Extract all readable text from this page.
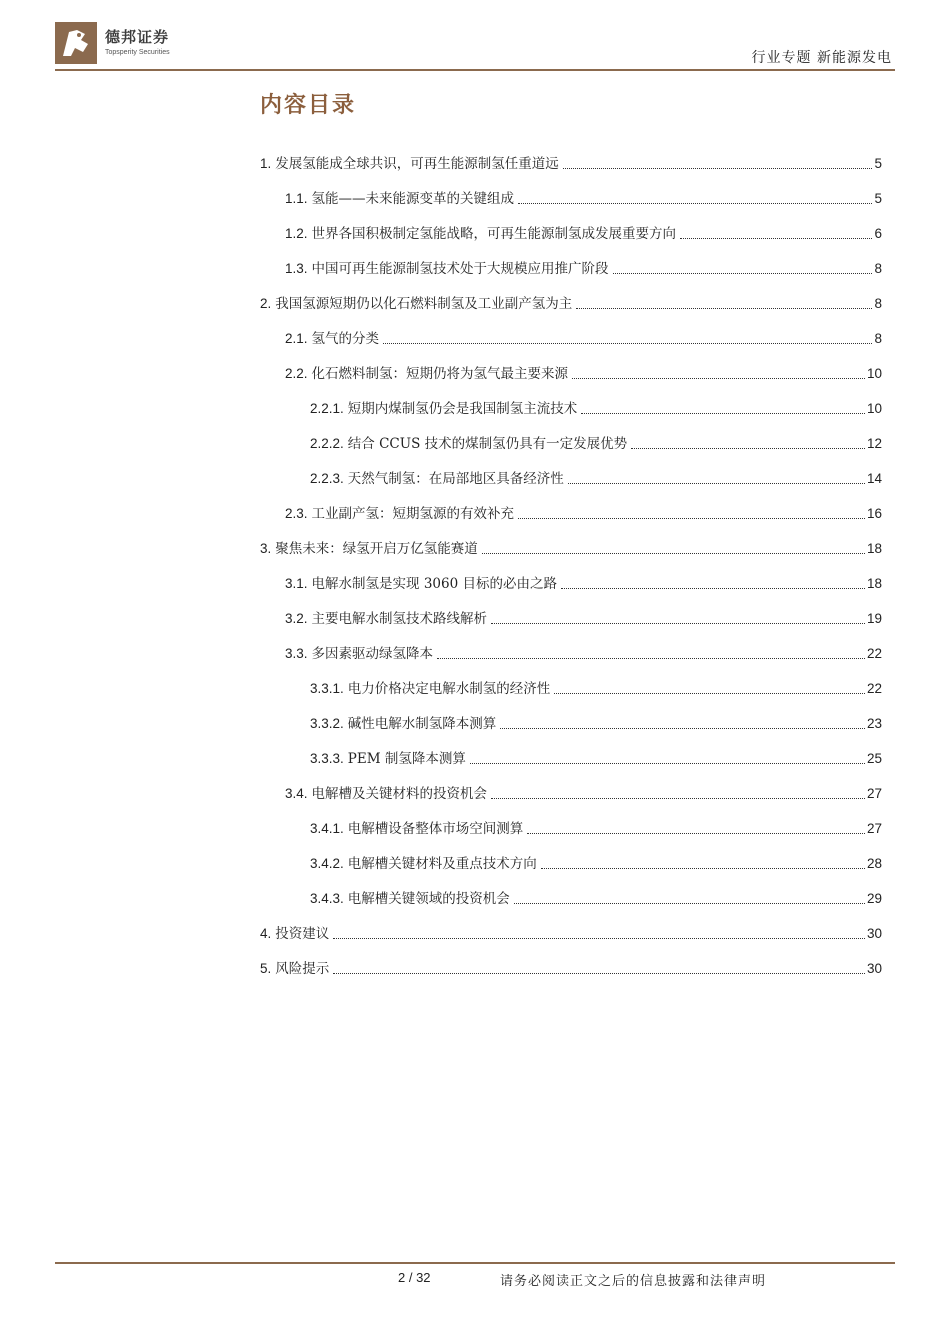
德邦证券
Topsperity Securities	行业专题 新能源发电
内容目录
1. 发展氢能成全球共识，可再生能源制氢任重道远	5
1.1. 氢能——未来能源变革的关键组成	5
1.2. 世界各国积极制定氢能战略，可再生能源制氢成发展重要方向	6
1.3. 中国可再生能源制氢技术处于大规模应用推广阶段	8
2. 我国氢源短期仍以化石燃料制氢及工业副产氢为主	8
2.1. 氢气的分类	8
2.2. 化石燃料制氢：短期仍将为氢气最主要来源	10
2.2.1. 短期内煤制氢仍会是我国制氢主流技术	10
2.2.2. 结合 CCUS 技术的煤制氢仍具有一定发展优势	12
2.2.3. 天然气制氢：在局部地区具备经济性	14
2.3. 工业副产氢：短期氢源的有效补充	16
3. 聚焦未来：绿氢开启万亿氢能赛道	18
3.1. 电解水制氢是实现 3060 目标的必由之路	18
3.2. 主要电解水制氢技术路线解析	19
3.3. 多因素驱动绿氢降本	22
3.3.1. 电力价格决定电解水制氢的经济性	22
3.3.2. 碱性电解水制氢降本测算	23
3.3.3. PEM 制氢降本测算	25
3.4. 电解槽及关键材料的投资机会	27
3.4.1. 电解槽设备整体市场空间测算	27
3.4.2. 电解槽关键材料及重点技术方向	28
3.4.3. 电解槽关键领域的投资机会	29
4. 投资建议	30
5. 风险提示	30
2 / 32	请务必阅读正文之后的信息披露和法律声明
